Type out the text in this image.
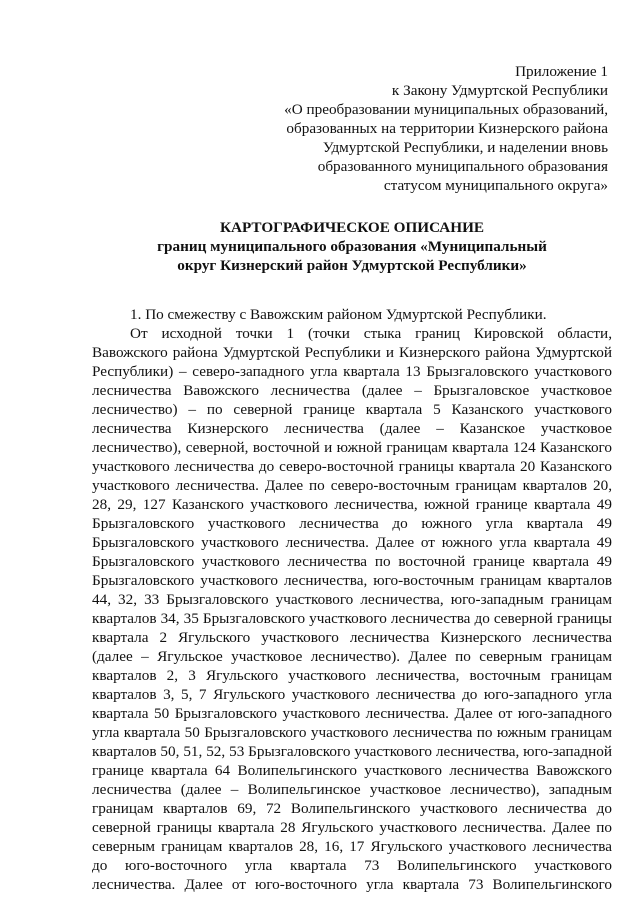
Приложение 1
к Закону Удмуртской Республики
«О преобразовании муниципальных образований,
образованных на территории Кизнерского района
Удмуртской Республики, и наделении вновь
образованного муниципального образования
статусом муниципального округа»
КАРТОГРАФИЧЕСКОЕ ОПИСАНИЕ
границ муниципального образования «Муниципальный
округ Кизнерский район Удмуртской Республики»
1. По смежеству с Вавожским районом Удмуртской Республики.
От исходной точки 1 (точки стыка границ Кировской области,
Вавожского района Удмуртской Республики и Кизнерского района Удмуртской
Республики) – северо-западного угла квартала 13 Брызгаловского участкового
лесничества Вавожского лесничества (далее – Брызгаловское участковое
лесничество) – по северной границе квартала 5 Казанского участкового
лесничества Кизнерского лесничества (далее – Казанское участковое
лесничество), северной, восточной и южной границам квартала 124 Казанского
участкового лесничества до северо-восточной границы квартала 20 Казанского
участкового лесничества. Далее по северо-восточным границам кварталов 20,
28, 29, 127 Казанского участкового лесничества, южной границе квартала 49
Брызгаловского участкового лесничества до южного угла квартала 49
Брызгаловского участкового лесничества. Далее от южного угла квартала 49
Брызгаловского участкового лесничества по восточной границе квартала 49
Брызгаловского участкового лесничества, юго-восточным границам кварталов
44, 32, 33 Брызгаловского участкового лесничества, юго-западным границам
кварталов 34, 35 Брызгаловского участкового лесничества до северной границы
квартала 2 Ягульского участкового лесничества Кизнерского лесничества
(далее – Ягульское участковое лесничество). Далее по северным границам
кварталов 2, 3 Ягульского участкового лесничества, восточным границам
кварталов 3, 5, 7 Ягульского участкового лесничества до юго-западного угла
квартала 50 Брызгаловского участкового лесничества. Далее от юго-западного
угла квартала 50 Брызгаловского участкового лесничества по южным границам
кварталов 50, 51, 52, 53 Брызгаловского участкового лесничества, юго-западной
границе квартала 64 Волипельгинского участкового лесничества Вавожского
лесничества (далее – Волипельгинское участковое лесничество), западным
границам кварталов 69, 72 Волипельгинского участкового лесничества до
северной границы квартала 28 Ягульского участкового лесничества. Далее по
северным границам кварталов 28, 16, 17 Ягульского участкового лесничества
до юго-восточного угла квартала 73 Волипельгинского участкового
лесничества. Далее от юго-восточного угла квартала 73 Волипельгинского
